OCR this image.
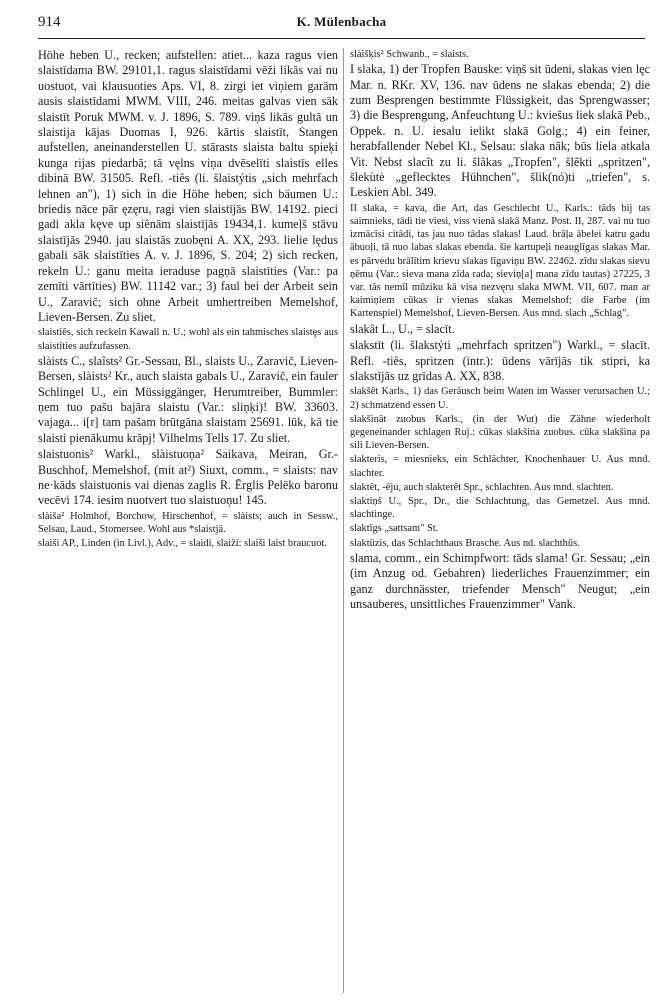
914	K. Mülenbacha

Höhe heben U., recken; aufstellen: atiet... kaza ragus vien slaistīdama BW. 29101,1. ragus slaistīdami vēži likās vai nu uostuot, vai klausuoties Aps. VI, 8. zirgi iet viņiem garām ausis slaistīdami MWM. VIII, 246. meitas galvas vien sāk slaistīt Poruk MWM. v. J. 1896, S. 789. viņš likās gultā un slaistija kājas Duomas I, 926. kārtis slaistīt, Stangen aufstellen, aneinanderstellen U. stārasts slaista baltu spieķi kunga rijas piedarbā; tā vęlns viņa dvēselīti slaistīs elles dibinā BW. 31505. Refl. -tiês (li. šlaistýtis „sich mehrfach lehnen an"), 1) sich in die Höhe heben; sich bäumen U.: briedis nāce pār ęzęru, ragi vien slaistījās BW. 14192. pieci gadi akla kęve up siênām slaistījās 19434,1. kumeļš stāvu slaistījās 2940. jau slaistās zuobęni A. XX, 293. lielie lędus gabali sāk slaistīties A. v. J. 1896, S. 204; 2) sich recken, rekeln U.: ganu meita ieraduse pagņā slaistīties (Var.: pa zemīti vārtīties) BW. 11142 var.; 3) faul bei der Arbeit sein U., Zaravič; sich ohne Arbeit umhertreiben Memelshof, Lieven-Bersen. Zu sliet.

slaistiês, sich reckeln Kawall n. U.; wohl als ein tahmisches slaistęs aus slaistīties aufzufassen.

slàists C., slaîsts² Gr.-Sessau, Bl., slaists U., Zaravič, Lieven-Bersen, slàists² Kr., auch slaista gabals U., Zaravič, ein fauler Schlingel U., ein Müssiggänger, Herumtreiber, Bummler: ņem tuo pašu bajāra slaistu (Var.: sliņķi)! BW. 33603. vajaga... i[r] tam pašam brūtgāna slaistam 25691. lūk, kā tie slaisti pienākumu krāpj! Vilhelms Tells 17. Zu sliet.

slaistuonis² Warkl., slàistuoņa² Saikava, Meiran, Gr.-Buschhof, Memelshof, (mit at²) Siuxt, comm., = slaists: nav ne·kāds slaistuonis vai dienas zaglis R. Ērglis Pelēko baronu vecēvi 174. iesim nuotvert tuo slaistuoņu! 145.

slàiša² Holmhof, Borchow, Hirschenhof, = slàists; auch in Sessw., Selsau, Laud., Stomersee. Wohl aus *slaistjā.

slaiši AP., Linden (in Livl.), Adv., = slaidi, slaiži: slaiši laist braucuot.

slàišķis² Schwanb., = slaists.

I slaka, 1) der Tropfen Bauske: viņš sit ūdeni, slakas vien lęc Mar. n. RKr. XV, 136. nav ūdens ne slakas ebenda; 2) die zum Besprengen bestimmte Flüssigkeit, das Sprengwasser; 3) die Besprengung, Anfeuchtung U.: kviešus liek slakā Peb., Oppek. n. U. iesalu ielikt slakā Golg.; 4) ein feiner, herabfallender Nebel Kl., Selsau: slaka nāk; būs liela atkala Vit. Nebst slacît zu li. šlãkas „Tropfen", šlẽkti „spritzen", šlekùtė „geflecktes Hühnchen", šlik(nó)ti „triefen", s. Leskien Abl. 349.

II slaka, = kava, die Art, das Geschlecht U., Karls.: tāds bij tas saimnieks, tādi tie viesi, viss vienā slakā Manz. Post. II, 287. vai nu tuo izmācīsi citādi, tas jau nuo tādas slakas! Laud. brāļa ābelei katru gadu ābuoļi, tā nuo labas slakas ebenda. šie kartupeļi neauglīgas slakas Mar. es pārvedu brālītim krievu slakas līgaviņu BW. 22462. zīdu slakas sievu ņēmu (Var.: sieva mana zīda rada; sieviņ[a] mana zīdu tautas) 27225, 3 var. tās nemīl mūziku kā visa nezvęru slaka MWM. VII, 607. man ar kaimiņiem cūkas ir vienas slakas Memelshof; die Farbe (im Kartenspiel) Memelshof, Lieven-Bersen. Aus mnd. slach „Schlag".

slakât L., U., = slacīt.

slakstīt (li. šlakstýti „mehrfach spritzen") Warkl., = slacīt. Refl. -tiês, spritzen (intr.): ūdens vārījās tik stipri, ka slakstījās uz grīdas A. XX, 838.

slakšêt Karls., 1) das Geräusch beim Waten im Wasser verursachen U.; 2) schmatzend essen U.

slakšinât zuobus Karls., (in der Wut) die Zähne wiederholt gegeneinander schlagen Ruj.: cūkas slakšina zuobus. cūka slakšina pa sili Lieven-Bersen.

slakteris, = miesnieks, ein Schlächter, Knochenhauer U. Aus mnd. slachter.

slaktêt, -ēju, auch slakterêt Spr., schlachten. Aus mnd. slachten.

slaktiņš U., Spr., Dr., die Schlachtung, das Gemetzel. Aus mnd. slachtinge.

slaktīgs „sattsam" St.

slaktūzis, das Schlachthaus Brasche. Aus nd. slachthūs.

slama, comm., ein Schimpfwort: tāds slama! Gr. Sessau; „ein (im Anzug od. Gebahren) liederliches Frauenzimmer; ein ganz durchnässter, triefender Mensch" Neugut; „ein unsauberes, unsittliches Frauenzimmer" Vank.
